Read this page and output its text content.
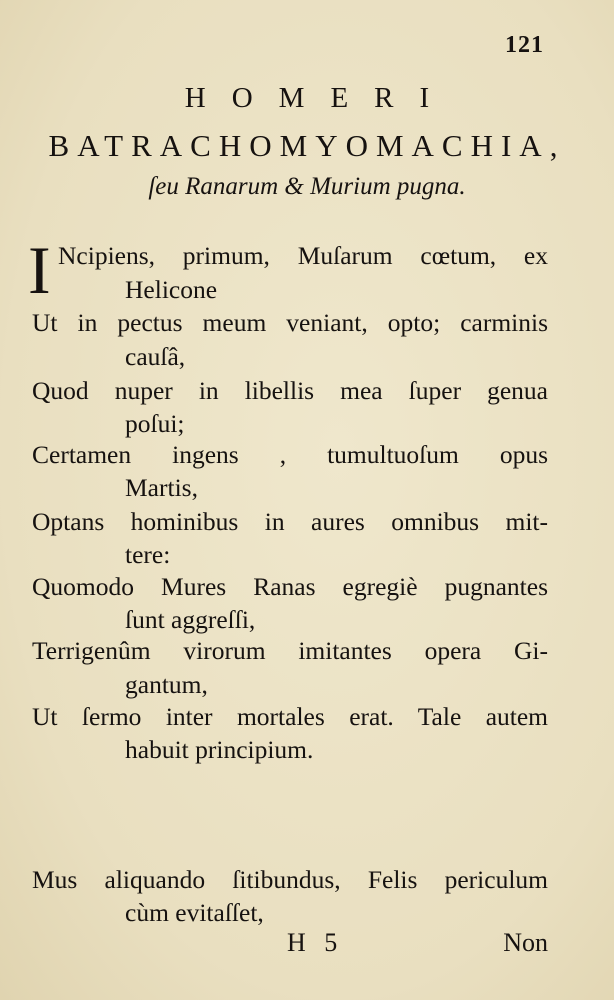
121
HOMERI
BATRACHOMYOMACHIA,
ſeu Ranarum & Murium pugna.
I Ncipiens, primum, Muſarum cœtum, ex
Helicone
Ut in pectus meum veniant, opto; carminis
cauſâ,
Quod nuper in libellis mea ſuper genua
poſui;
Certamen ingens , tumultuoſum opus
Martis,
Optans hominibus in aures omnibus mit-
tere:
Quomodo Mures Ranas egregiè pugnantes
ſunt aggreſſi,
Terrigenûm virorum imitantes opera Gi-
gantum,
Ut ſermo inter mortales erat. Tale autem
habuit principium.
Mus aliquando ſitibundus, Felis periculum
cùm evitaſſet,
H 5	Non
